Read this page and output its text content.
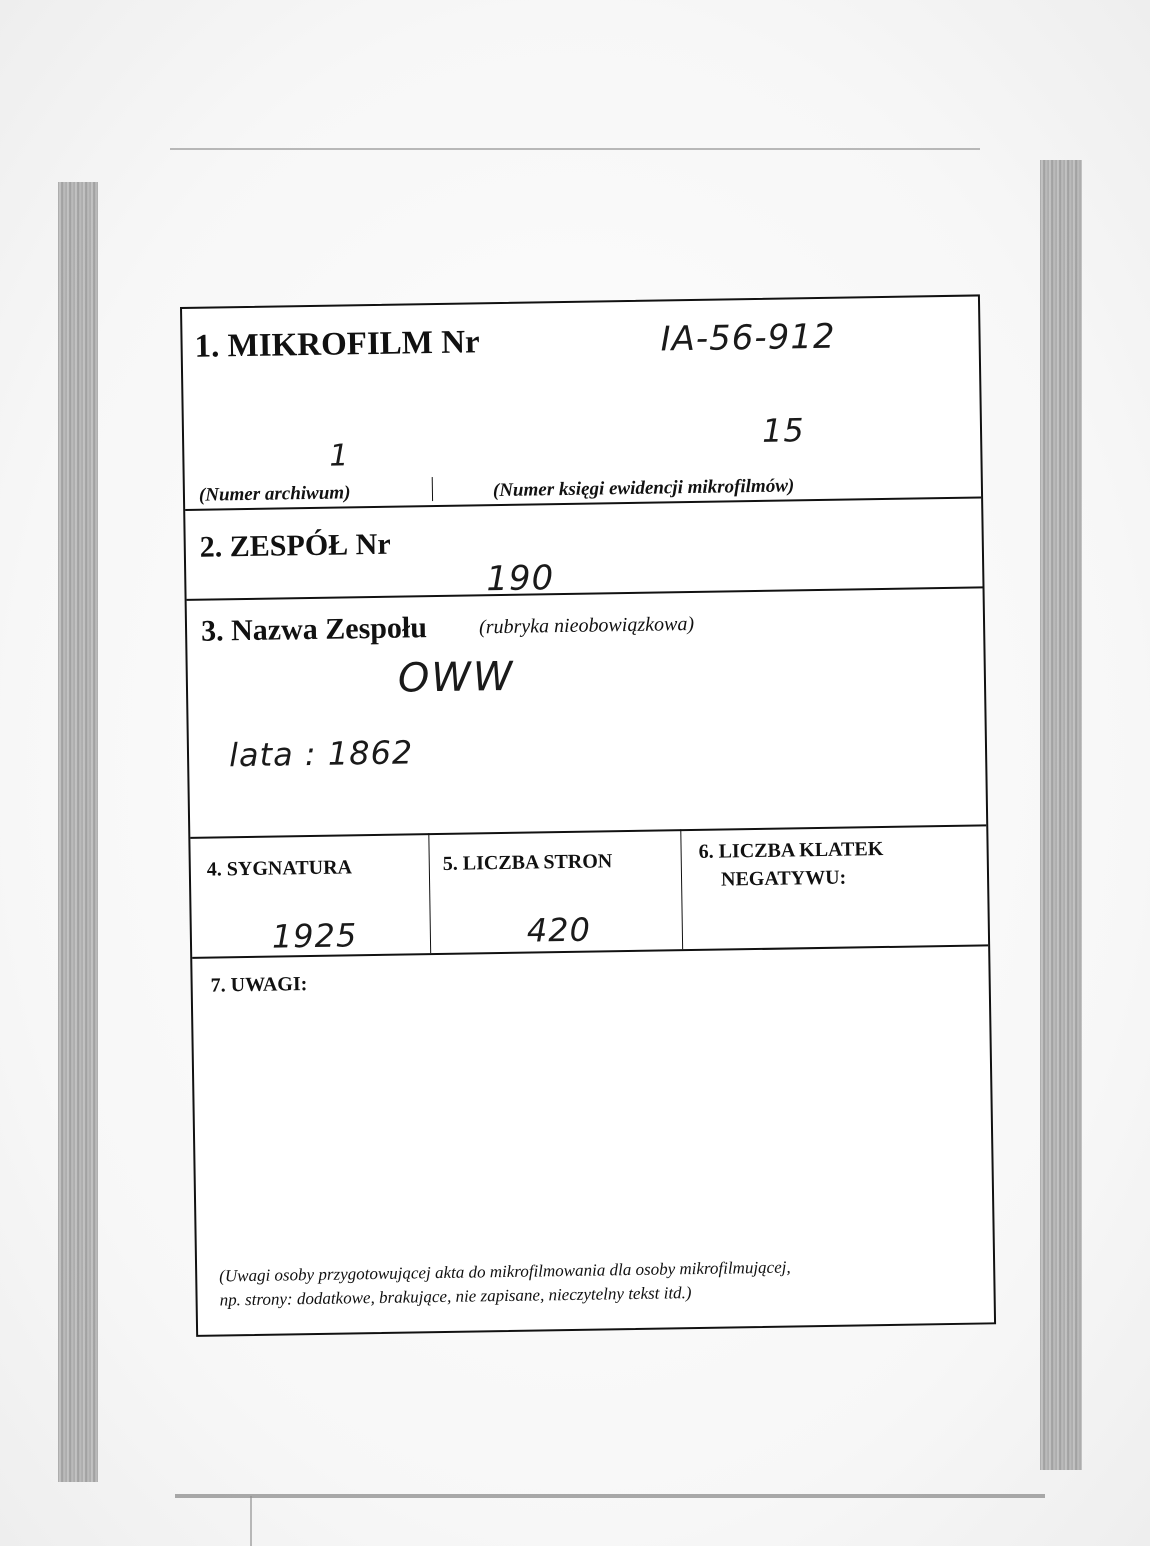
1. MIKROFILM Nr	IA-56-912
1
15
(Numer archiwum)	(Numer księgi ewidencji mikrofilmów)
2. ZESPÓŁ Nr
190
3. Nazwa Zespołu	(rubryka nieobowiązkowa)
OWW
lata : 1862
4. SYGNATURA
1925
5. LICZBA STRON
420
6. LICZBA KLATEK
NEGATYWU:
7. UWAGI:
(Uwagi osoby przygotowującej akta do mikrofilmowania dla osoby mikrofilmującej,
np. strony: dodatkowe, brakujące, nie zapisane, nieczytelny tekst itd.)
